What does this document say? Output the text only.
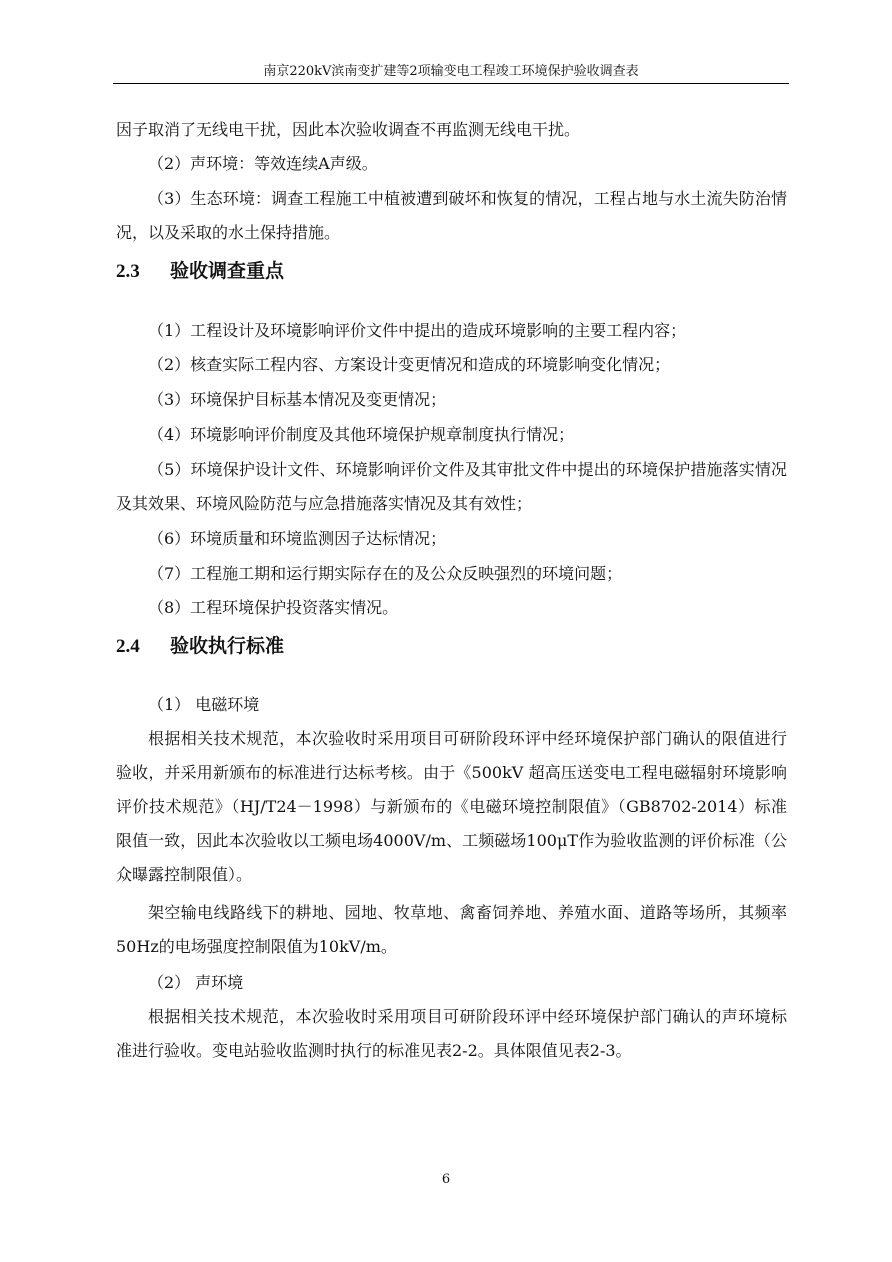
南京220kV滨南变扩建等2项输变电工程竣工环境保护验收调查表
因子取消了无线电干扰，因此本次验收调查不再监测无线电干扰。
（2）声环境：等效连续A声级。
（3）生态环境：调查工程施工中植被遭到破坏和恢复的情况，工程占地与水土流失防治情况，以及采取的水土保持措施。
2.3 验收调查重点
（1）工程设计及环境影响评价文件中提出的造成环境影响的主要工程内容；
（2）核查实际工程内容、方案设计变更情况和造成的环境影响变化情况；
（3）环境保护目标基本情况及变更情况；
（4）环境影响评价制度及其他环境保护规章制度执行情况；
（5）环境保护设计文件、环境影响评价文件及其审批文件中提出的环境保护措施落实情况及其效果、环境风险防范与应急措施落实情况及其有效性；
（6）环境质量和环境监测因子达标情况；
（7）工程施工期和运行期实际存在的及公众反映强烈的环境问题；
（8）工程环境保护投资落实情况。
2.4 验收执行标准
（1） 电磁环境
根据相关技术规范，本次验收时采用项目可研阶段环评中经环境保护部门确认的限值进行验收，并采用新颁布的标准进行达标考核。由于《500kV 超高压送变电工程电磁辐射环境影响评价技术规范》（HJ/T24－1998）与新颁布的《电磁环境控制限值》（GB8702-2014）标准限值一致，因此本次验收以工频电场4000V/m、工频磁场100μT作为验收监测的评价标准（公众曝露控制限值）。
架空输电线路线下的耕地、园地、牧草地、禽畜饲养地、养殖水面、道路等场所，其频率50Hz的电场强度控制限值为10kV/m。
（2） 声环境
根据相关技术规范，本次验收时采用项目可研阶段环评中经环境保护部门确认的声环境标准进行验收。变电站验收监测时执行的标准见表2-2。具体限值见表2-3。
6
